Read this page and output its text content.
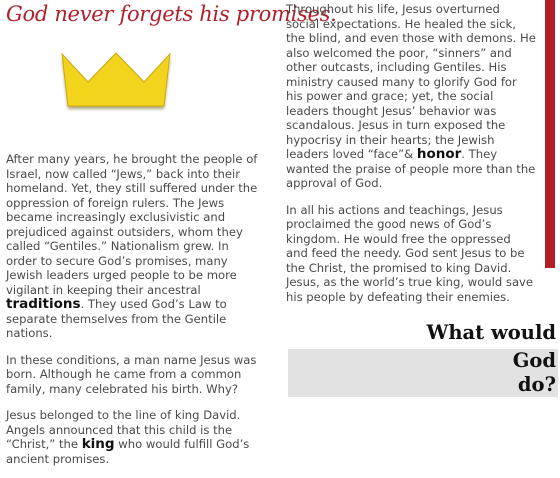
God never forgets his promises.

After many years, he brought the people of Israel, now called “Jews,” back into their homeland. Yet, they still suffered under the oppression of foreign rulers. The Jews became increasingly exclusivistic and prejudiced against outsiders, whom they called “Gentiles.” Nationalism grew. In order to secure God’s promises, many Jewish leaders urged people to be more vigilant in keeping their ancestral traditions. They used God’s Law to separate themselves from the Gentile nations.

In these conditions, a man name Jesus was born. Although he came from a common family, many celebrated his birth. Why?

Jesus belonged to the line of king David. Angels announced that this child is the “Christ,” the king who would fulfill God’s ancient promises.

Throughout his life, Jesus overturned social expectations. He healed the sick, the blind, and even those with demons. He also welcomed the poor, “sinners” and other outcasts, including Gentiles. His ministry caused many to glorify God for his power and grace; yet, the social leaders thought Jesus’ behavior was scandalous. Jesus in turn exposed the hypocrisy in their hearts; the Jewish leaders loved “face”& honor. They wanted the praise of people more than the approval of God.

In all his actions and teachings, Jesus proclaimed the good news of God’s kingdom. He would free the oppressed and feed the needy. God sent Jesus to be the Christ, the promised to king David. Jesus, as the world’s true king, would save his people by defeating their enemies.

What would
God
do?
